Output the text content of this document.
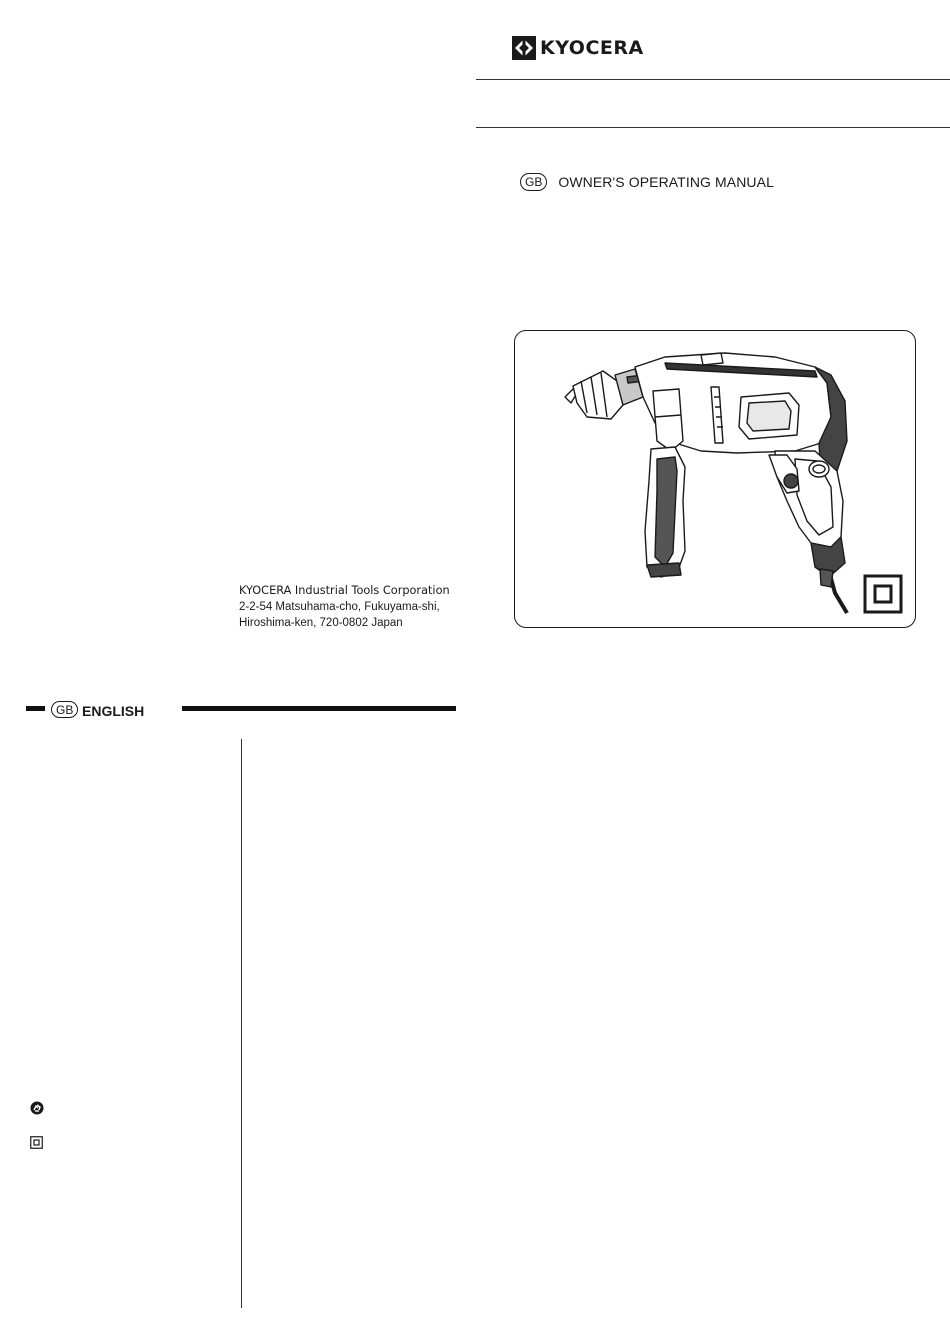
KYOCERA
GB	OWNER'S OPERATING MANUAL
KYOCERA Industrial Tools Corporation
2-2-54 Matsuhama-cho, Fukuyama-shi,
Hiroshima-ken, 720-0802 Japan
GB ENGLISH
